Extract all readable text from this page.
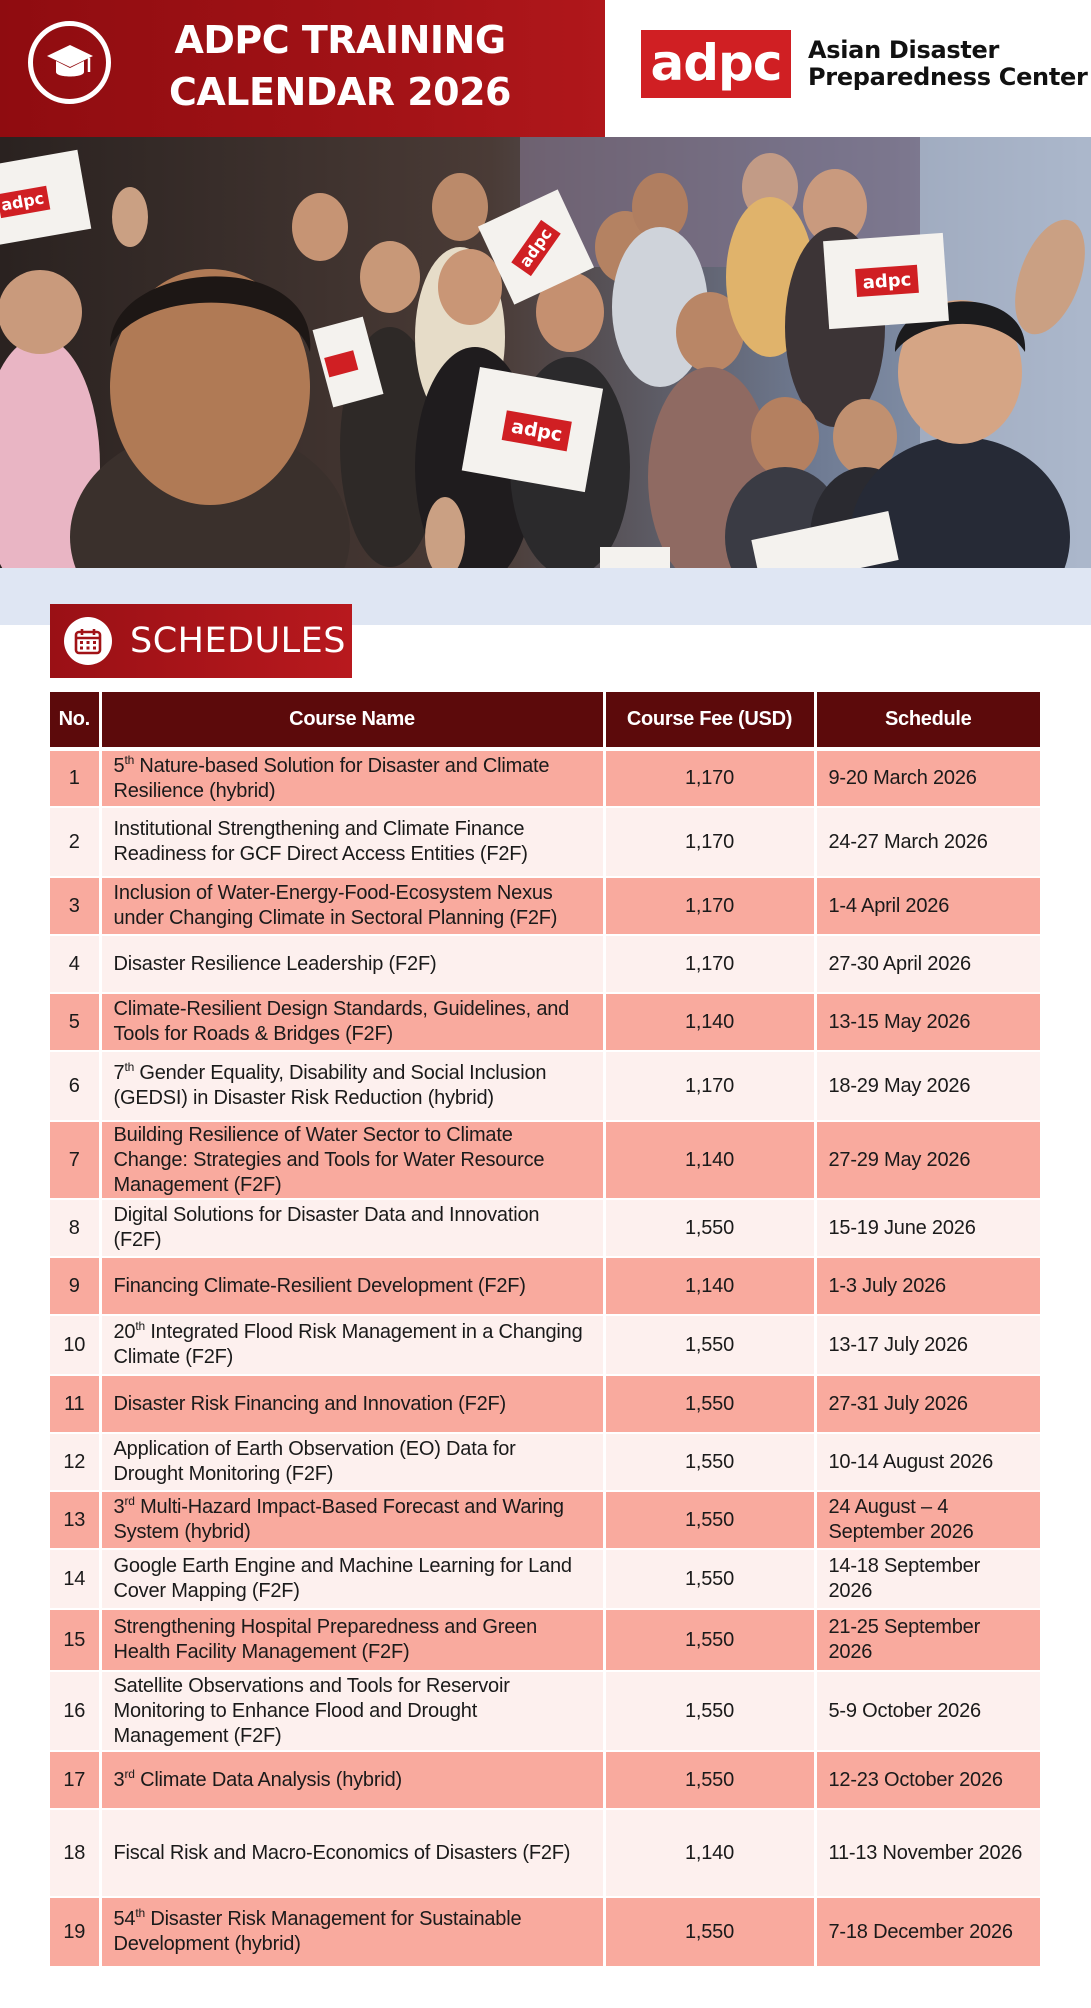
ADPC TRAINING
CALENDAR 2026	adpc	Asian Disaster
Preparedness Center
adpc
adpc
adpc
adpc
SCHEDULES
No.	Course Name	Course Fee (USD)	Schedule
1	5th Nature-based Solution for Disaster and Climate Resilience (hybrid)	1,170	9-20 March 2026
2	Institutional Strengthening and Climate Finance Readiness for GCF Direct Access Entities (F2F)	1,170	24-27 March 2026
3	Inclusion of Water-Energy-Food-Ecosystem Nexus under Changing Climate in Sectoral Planning (F2F)	1,170	1-4 April 2026
4	Disaster Resilience Leadership (F2F)	1,170	27-30 April 2026
5	Climate-Resilient Design Standards, Guidelines, and Tools for Roads & Bridges (F2F)	1,140	13-15 May 2026
6	7th Gender Equality, Disability and Social Inclusion (GEDSI) in Disaster Risk Reduction (hybrid)	1,170	18-29 May 2026
7	Building Resilience of Water Sector to Climate Change: Strategies and Tools for Water Resource Management (F2F)	1,140	27-29 May 2026
8	Digital Solutions for Disaster Data and Innovation (F2F)	1,550	15-19 June 2026
9	Financing Climate-Resilient Development (F2F)	1,140	1-3 July 2026
10	20th Integrated Flood Risk Management in a Changing Climate (F2F)	1,550	13-17 July 2026
11	Disaster Risk Financing and Innovation (F2F)	1,550	27-31 July 2026
12	Application of Earth Observation (EO) Data for Drought Monitoring (F2F)	1,550	10-14 August 2026
13	3rd Multi-Hazard Impact-Based Forecast and Waring System (hybrid)	1,550	24 August – 4 September 2026
14	Google Earth Engine and Machine Learning for Land Cover Mapping (F2F)	1,550	14-18 September 2026
15	Strengthening Hospital Preparedness and Green Health Facility Management (F2F)	1,550	21-25 September 2026
16	Satellite Observations and Tools for Reservoir Monitoring to Enhance Flood and Drought Management (F2F)	1,550	5-9 October 2026
17	3rd Climate Data Analysis (hybrid)	1,550	12-23 October 2026
18	Fiscal Risk and Macro-Economics of Disasters (F2F)	1,140	11-13 November 2026
19	54th Disaster Risk Management for Sustainable Development (hybrid)	1,550	7-18 December 2026
